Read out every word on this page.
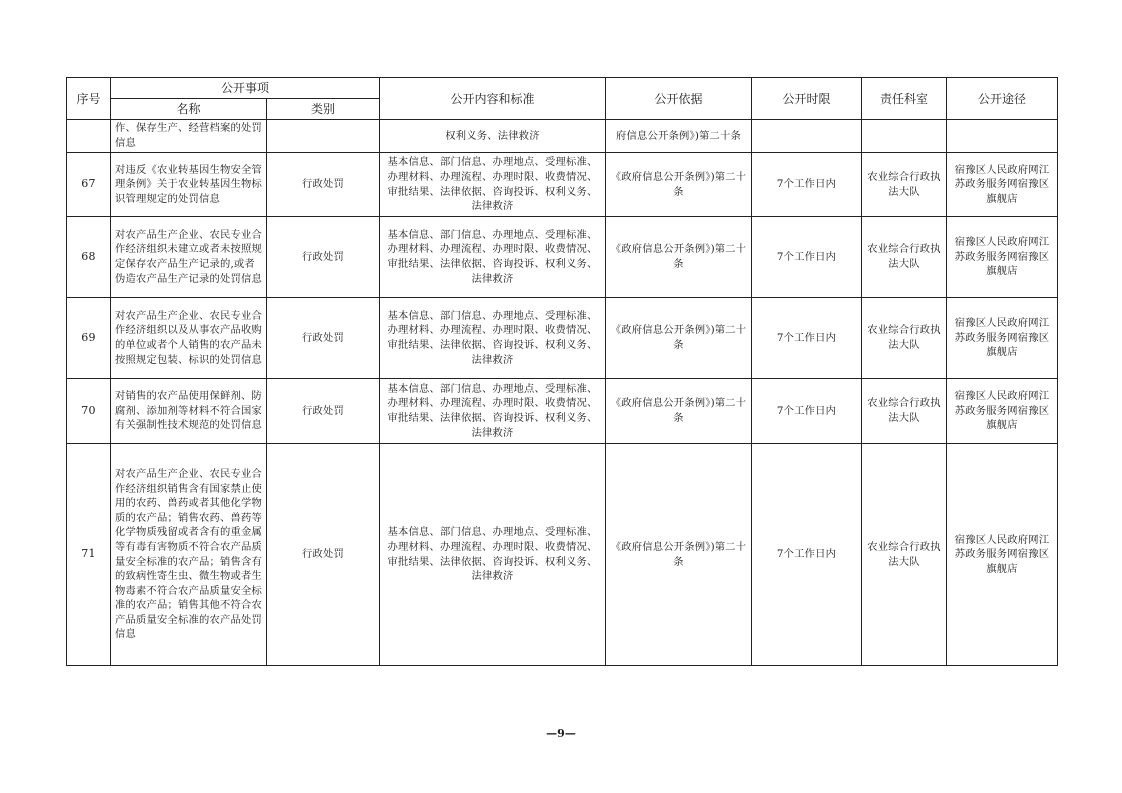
序号	公开事项		公开内容和标准	公开依据	公开时限	责任科室	公开途径
	名称	类别					
	作、保存生产、经营档案的处罚信息		权利义务、法律救济	府信息公开条例》)第二十条			
67	对违反《农业转基因生物安全管理条例》关于农业转基因生物标识管理规定的处罚信息	行政处罚	基本信息、部门信息、办理地点、受理标准、办理材料、办理流程、办理时限、收费情况、审批结果、法律依据、咨询投诉、权利义务、法律救济	《政府信息公开条例》)第二十条	7个工作日内	农业综合行政执法大队	宿豫区人民政府网江苏政务服务网宿豫区旗舰店
68	对农产品生产企业、农民专业合作经济组织未建立或者未按照规定保存农产品生产记录的,或者伪造农产品生产记录的处罚信息	行政处罚	基本信息、部门信息、办理地点、受理标准、办理材料、办理流程、办理时限、收费情况、审批结果、法律依据、咨询投诉、权利义务、法律救济	《政府信息公开条例》)第二十条	7个工作日内	农业综合行政执法大队	宿豫区人民政府网江苏政务服务网宿豫区旗舰店
69	对农产品生产企业、农民专业合作经济组织以及从事农产品收购的单位或者个人销售的农产品未按照规定包装、标识的处罚信息	行政处罚	基本信息、部门信息、办理地点、受理标准、办理材料、办理流程、办理时限、收费情况、审批结果、法律依据、咨询投诉、权利义务、法律救济	《政府信息公开条例》)第二十条	7个工作日内	农业综合行政执法大队	宿豫区人民政府网江苏政务服务网宿豫区旗舰店
70	对销售的农产品使用保鲜剂、防腐剂、添加剂等材料不符合国家有关强制性技术规范的处罚信息	行政处罚	基本信息、部门信息、办理地点、受理标准、办理材料、办理流程、办理时限、收费情况、审批结果、法律依据、咨询投诉、权利义务、法律救济	《政府信息公开条例》)第二十条	7个工作日内	农业综合行政执法大队	宿豫区人民政府网江苏政务服务网宿豫区旗舰店
71	对农产品生产企业、农民专业合作经济组织销售含有国家禁止使用的农药、兽药或者其他化学物质的农产品；销售农药、兽药等化学物质残留或者含有的重金属等有毒有害物质不符合农产品质量安全标准的农产品；销售含有的致病性寄生虫、微生物或者生物毒素不符合农产品质量安全标准的农产品；销售其他不符合农产品质量安全标准的农产品处罚信息	行政处罚	基本信息、部门信息、办理地点、受理标准、办理材料、办理流程、办理时限、收费情况、审批结果、法律依据、咨询投诉、权利义务、法律救济	《政府信息公开条例》)第二十条	7个工作日内	农业综合行政执法大队	宿豫区人民政府网江苏政务服务网宿豫区旗舰店
—9—
